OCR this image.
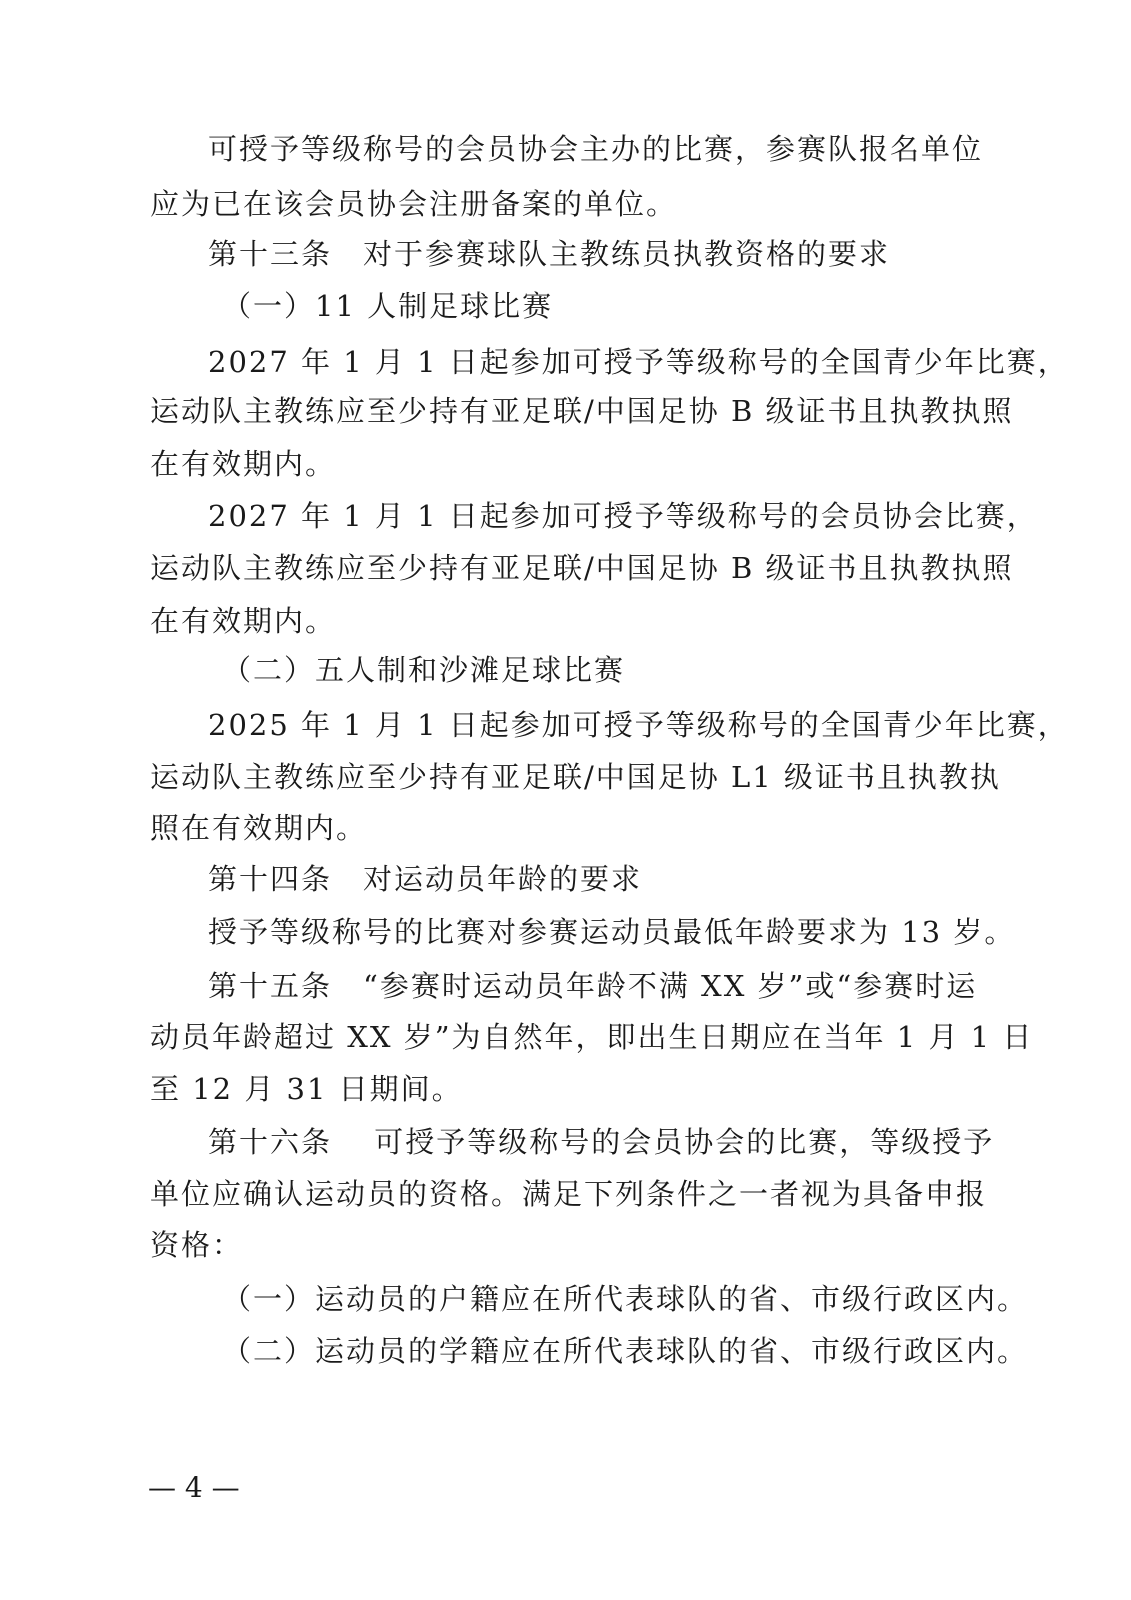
可授予等级称号的会员协会主办的比赛，参赛队报名单位

应为已在该会员协会注册备案的单位。

第十三条　对于参赛球队主教练员执教资格的要求

（一）11 人制足球比赛

2027 年 1 月 1 日起参加可授予等级称号的全国青少年比赛，

运动队主教练应至少持有亚足联/中国足协 B 级证书且执教执照

在有效期内。

2027 年 1 月 1 日起参加可授予等级称号的会员协会比赛，

运动队主教练应至少持有亚足联/中国足协 B 级证书且执教执照

在有效期内。

（二）五人制和沙滩足球比赛

2025 年 1 月 1 日起参加可授予等级称号的全国青少年比赛，

运动队主教练应至少持有亚足联/中国足协 L1 级证书且执教执

照在有效期内。

第十四条　对运动员年龄的要求

授予等级称号的比赛对参赛运动员最低年龄要求为 13 岁。

第十五条　“参赛时运动员年龄不满 XX 岁”或“参赛时运

动员年龄超过 XX 岁”为自然年，即出生日期应在当年 1 月 1 日

至 12 月 31 日期间。

第十六条　 可授予等级称号的会员协会的比赛，等级授予

单位应确认运动员的资格。满足下列条件之一者视为具备申报

资格：

（一）运动员的户籍应在所代表球队的省、市级行政区内。

（二）运动员的学籍应在所代表球队的省、市级行政区内。

— 4 —
